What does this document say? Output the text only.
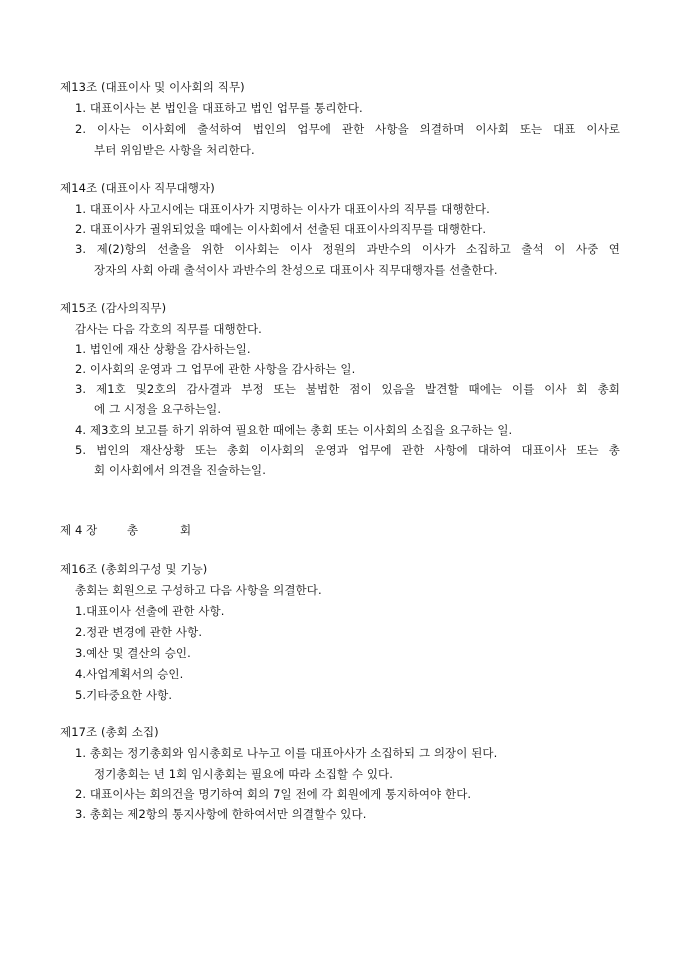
제13조 (대표이사 및 이사회의 직무)
1. 대표이사는 본 법인을 대표하고 법인 업무를 통리한다.
2. 이사는 이사회에 출석하여 법인의 업무에 관한 사항을 의결하며 이사회 또는 대표 이사로
부터 위임받은 사항을 처리한다.
제14조 (대표이사 직무대행자)
1. 대표이사 사고시에는 대표이사가 지명하는 이사가 대표이사의 직무를 대행한다.
2. 대표이사가 궐위되었을 때에는 이사회에서 선출된 대표이사의직무를 대행한다.
3. 제(2)항의 선출을 위한 이사회는 이사 정원의 과반수의 이사가 소집하고 출석 이 사중 연
장자의 사회 아래 출석이사 과반수의 찬성으로 대표이사 직무대행자를 선출한다.
제15조 (감사의직무)
감사는 다음 각호의 직무를 대행한다.
1. 법인에 재산 상황을 감사하는일.
2. 이사회의 운영과 그 업무에 관한 사항을 감사하는 일.
3. 제1호 및2호의 감사결과 부정 또는 불법한 점이 있음을 발견할 때에는 이를 이사 회 총회
에 그 시정을 요구하는일.
4. 제3호의 보고를 하기 위하여 필요한 때에는 총회 또는 이사회의 소집을 요구하는 일.
5. 법인의 재산상황 또는 총회 이사회의 운영과 업무에 관한 사항에 대하여 대표이사 또는 총
회 이사회에서 의견을 진술하는일.
제 4 장	총	회
제16조 (총회의구성 및 기능)
총회는 회원으로 구성하고 다음 사항을 의결한다.
1.대표이사 선출에 관한 사항.
2.정관 변경에 관한 사항.
3.예산 및 결산의 승인.
4.사업계획서의 승인.
5.기타중요한 사항.
제17조 (총회 소집)
1. 총회는 정기총회와 임시총회로 나누고 이를 대표아사가 소집하되 그 의장이 된다.
정기총회는 년 1회 임시총회는 필요에 따라 소집할 수 있다.
2. 대표이사는 회의건을 명기하여 회의 7일 전에 각 회원에게 통지하여야 한다.
3. 총회는 제2항의 통지사항에 한하여서만 의결할수 있다.
